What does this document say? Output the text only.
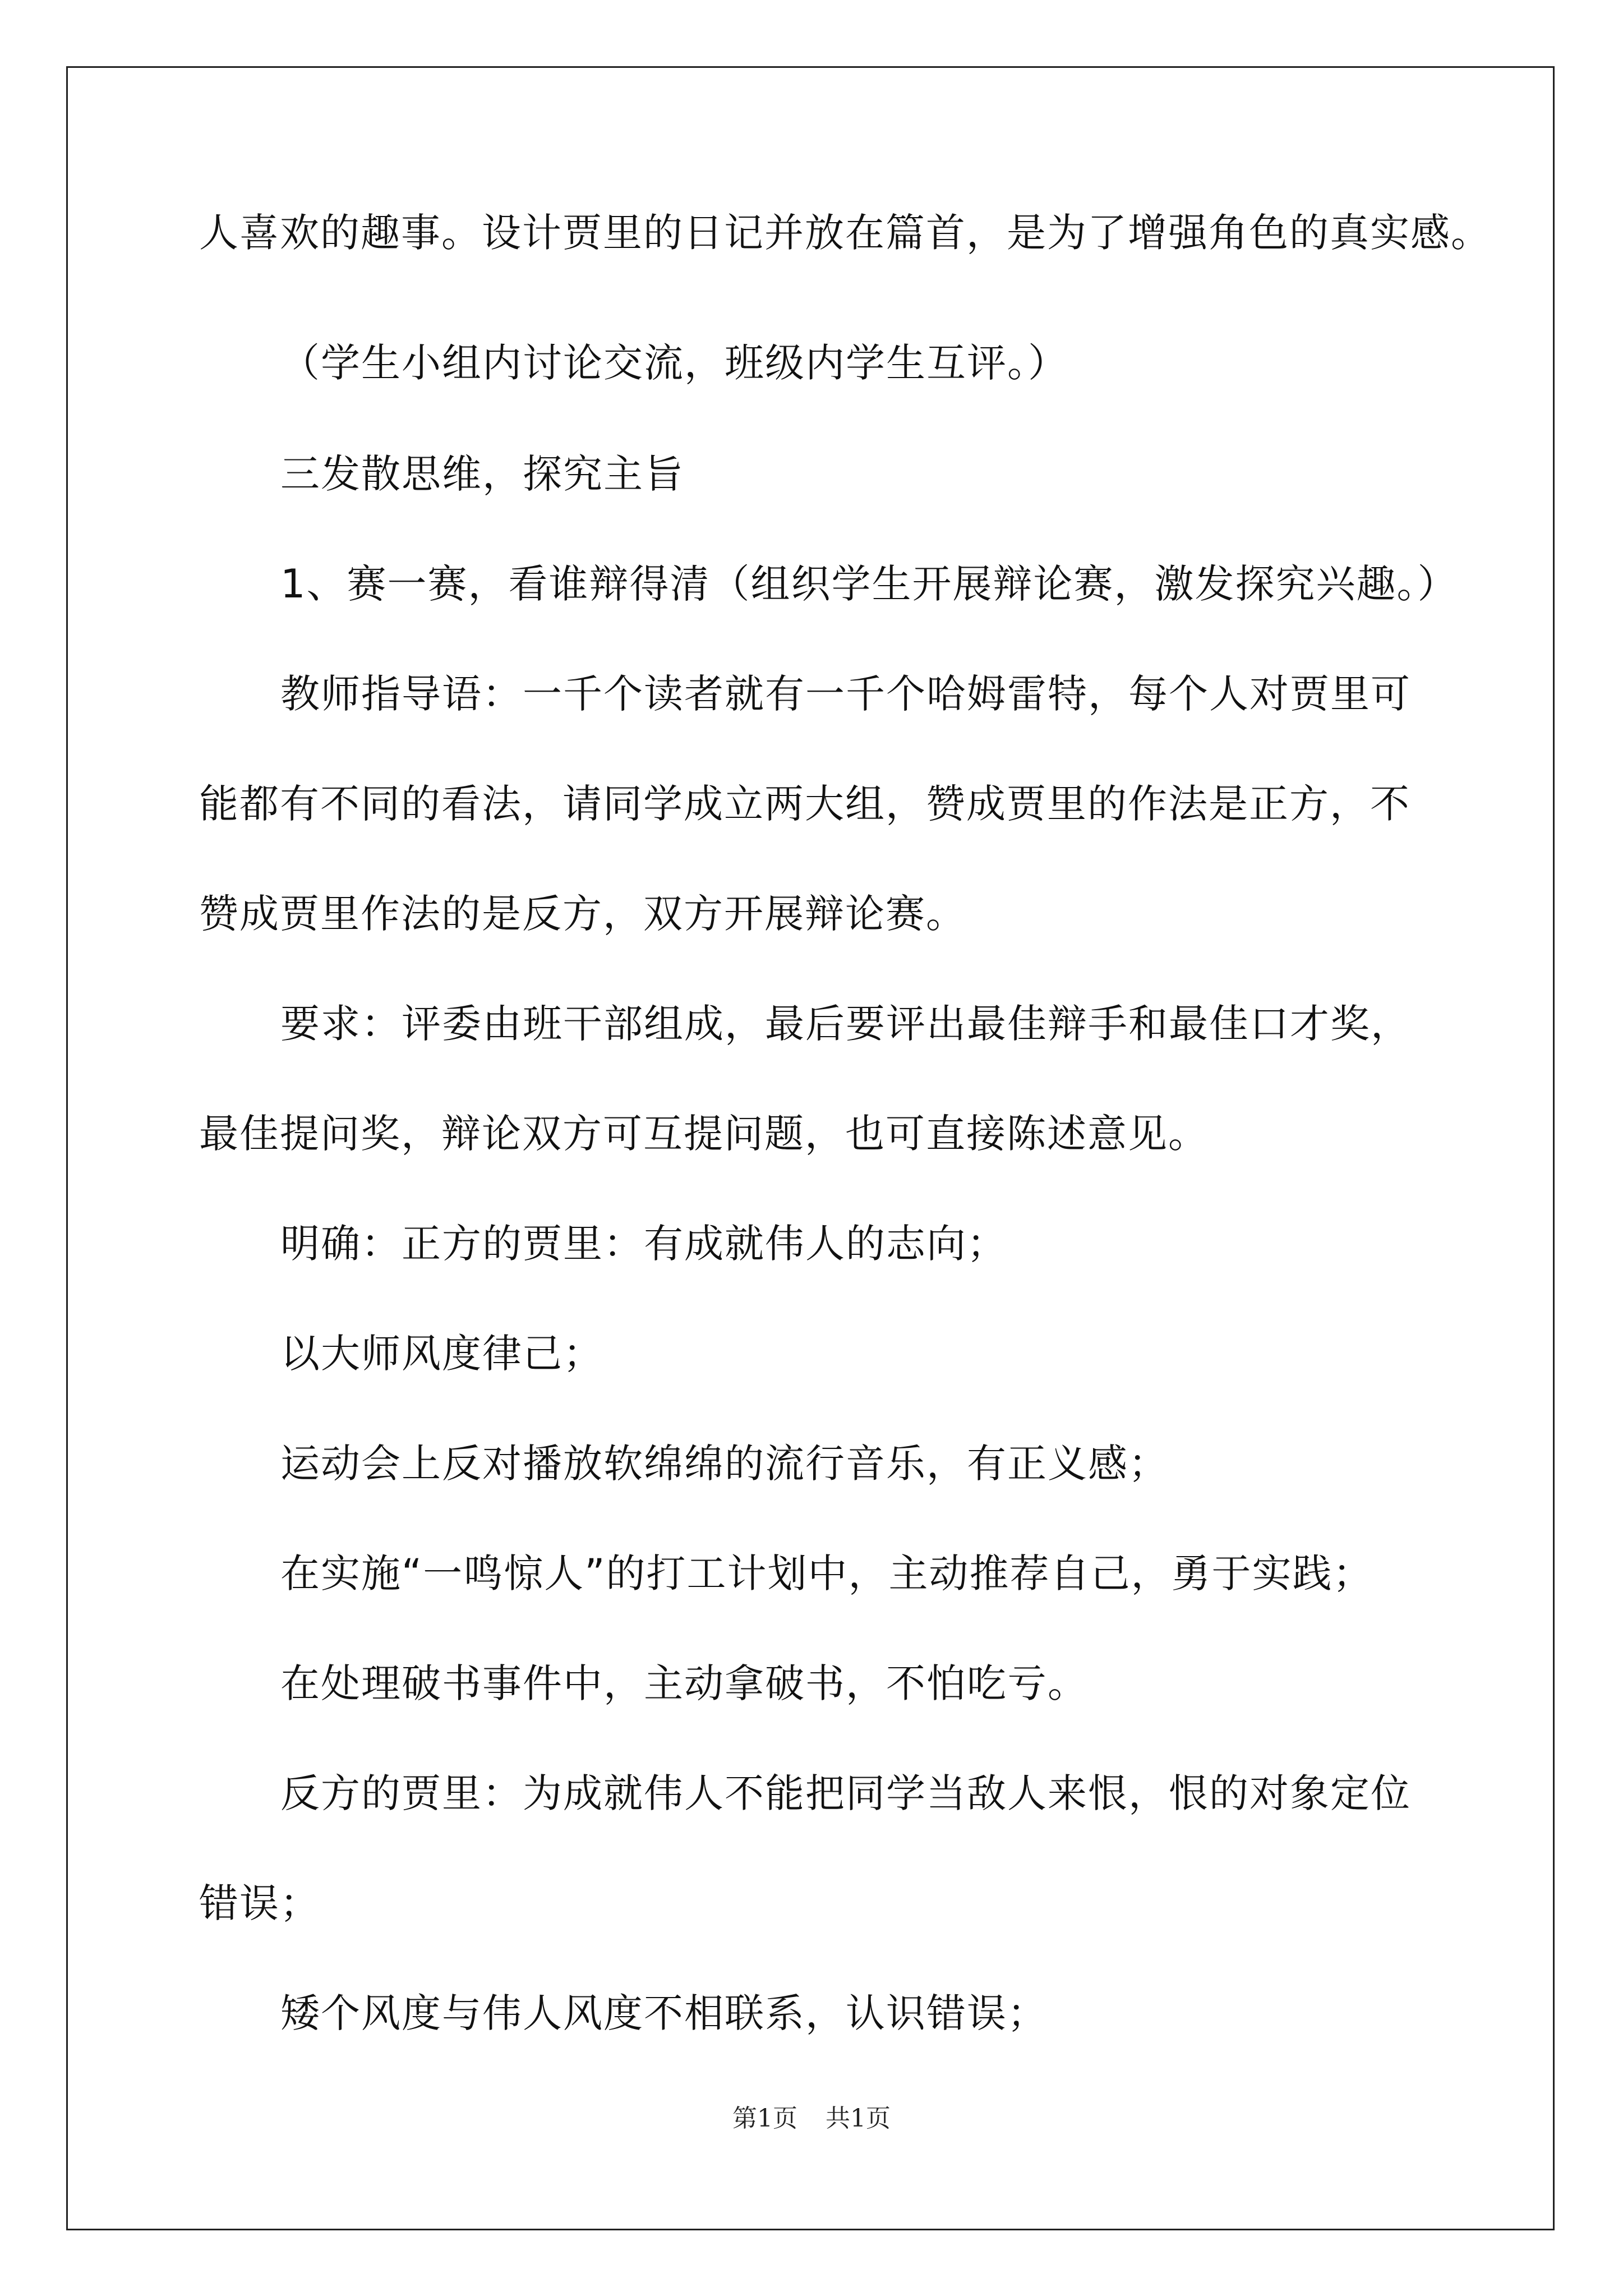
人喜欢的趣事。设计贾里的日记并放在篇首，是为了增强角色的真实感。

（学生小组内讨论交流，班级内学生互评。）

三发散思维，探究主旨

1、赛一赛，看谁辩得清（组织学生开展辩论赛，激发探究兴趣。）

教师指导语：一千个读者就有一千个哈姆雷特，每个人对贾里可

能都有不同的看法，请同学成立两大组，赞成贾里的作法是正方，不

赞成贾里作法的是反方，双方开展辩论赛。

要求：评委由班干部组成，最后要评出最佳辩手和最佳口才奖，

最佳提问奖，辩论双方可互提问题，也可直接陈述意见。

明确：正方的贾里：有成就伟人的志向；

以大师风度律己；

运动会上反对播放软绵绵的流行音乐，有正义感；

在实施“一鸣惊人”的打工计划中，主动推荐自己，勇于实践；

在处理破书事件中，主动拿破书，不怕吃亏。

反方的贾里：为成就伟人不能把同学当敌人来恨，恨的对象定位

错误；

矮个风度与伟人风度不相联系，认识错误；

第1页 共1页
